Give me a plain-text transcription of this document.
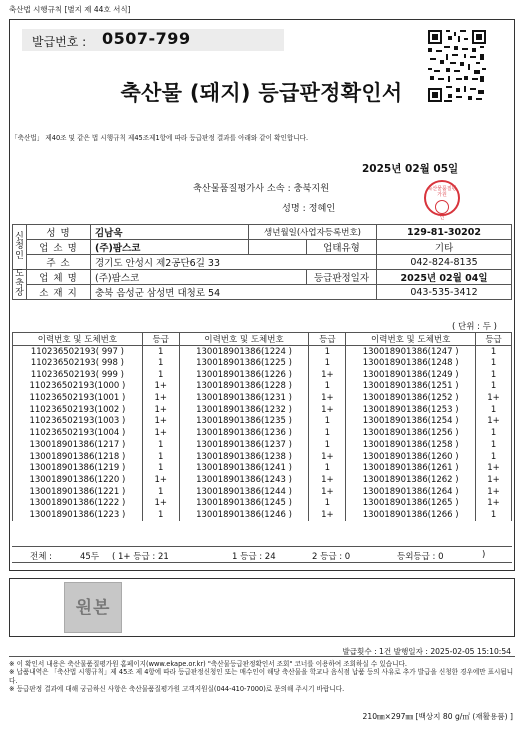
축산법 시행규칙 [별지 제 44호 서식]
발급번호 : 0507-799
축산물 (돼지) 등급판정확인서
「축산법」 제40조 및 같은 법 시행규칙 제45조제1항에 따라 등급판정 결과를 아래와 같이 확인합니다.
2025년 02월 05일
축산물품질평가사 소속 : 충북지원
성명 : 정혜인
축산물품질평가원
인
신청인	성 명	김남욱	생년월일(사업자등록번호)		129-81-30202
	업 소 명	(주)팜스코		업태유형	기타
	주 소	경기도 안성시 제2공단6길 33			042-824-8135
도축장	업 체 명	(주)팜스코		등급판정일자	2025년 02월 04일
	소 재 지	충북 음성군 삼성면 대청로 54			043-535-3412
( 단위 : 두 )
이력번호 및 도체번호	등급	이력번호 및 도체번호	등급	이력번호 및 도체번호	등급
110236502193( 997 )	1	130018901386(1224 )	1	130018901386(1247 )	1
110236502193( 998 )	1	130018901386(1225 )	1	130018901386(1248 )	1
110236502193( 999 )	1	130018901386(1226 )	1+	130018901386(1249 )	1
110236502193(1000 )	1+	130018901386(1228 )	1	130018901386(1251 )	1
110236502193(1001 )	1+	130018901386(1231 )	1+	130018901386(1252 )	1+
110236502193(1002 )	1+	130018901386(1232 )	1+	130018901386(1253 )	1
110236502193(1003 )	1+	130018901386(1235 )	1	130018901386(1254 )	1+
110236502193(1004 )	1+	130018901386(1236 )	1	130018901386(1256 )	1
130018901386(1217 )	1	130018901386(1237 )	1	130018901386(1258 )	1
130018901386(1218 )	1	130018901386(1238 )	1+	130018901386(1260 )	1
130018901386(1219 )	1	130018901386(1241 )	1	130018901386(1261 )	1+
130018901386(1220 )	1+	130018901386(1243 )	1+	130018901386(1262 )	1+
130018901386(1221 )	1	130018901386(1244 )	1+	130018901386(1264 )	1+
130018901386(1222 )	1+	130018901386(1245 )	1	130018901386(1265 )	1+
130018901386(1223 )	1	130018901386(1246 )	1+	130018901386(1266 )	1
전체 :	45두 ( 1+ 등급 : 21	1 등급 : 24	2 등급 : 0	등외등급 : 0	)
원본
발급횟수 : 1건 발행일자 : 2025-02-05 15:10:54
※ 이 확인서 내용은 축산물품질평가원 홈페이지(www.ekape.or.kr) "축산물등급판정확인서 조회" 코너를 이용하여 조회하실 수 있습니다.
※ 납품내역은 「축산법 시행규칙」제 45조 제 4항에 따라 등급판정신청인 또는 매수인이 해당 축산물을 학교나 음식점 납품 등의 사유로 추가 발급을 신청한 경우에만 표시됩니다.
※ 등급판정 결과에 대해 궁금하신 사항은 축산물품질평가원 고객지원실(044-410-7000)로 문의해 주시기 바랍니다.
210㎜×297㎜ [백상지 80 g/㎡ (재활용품) ]
